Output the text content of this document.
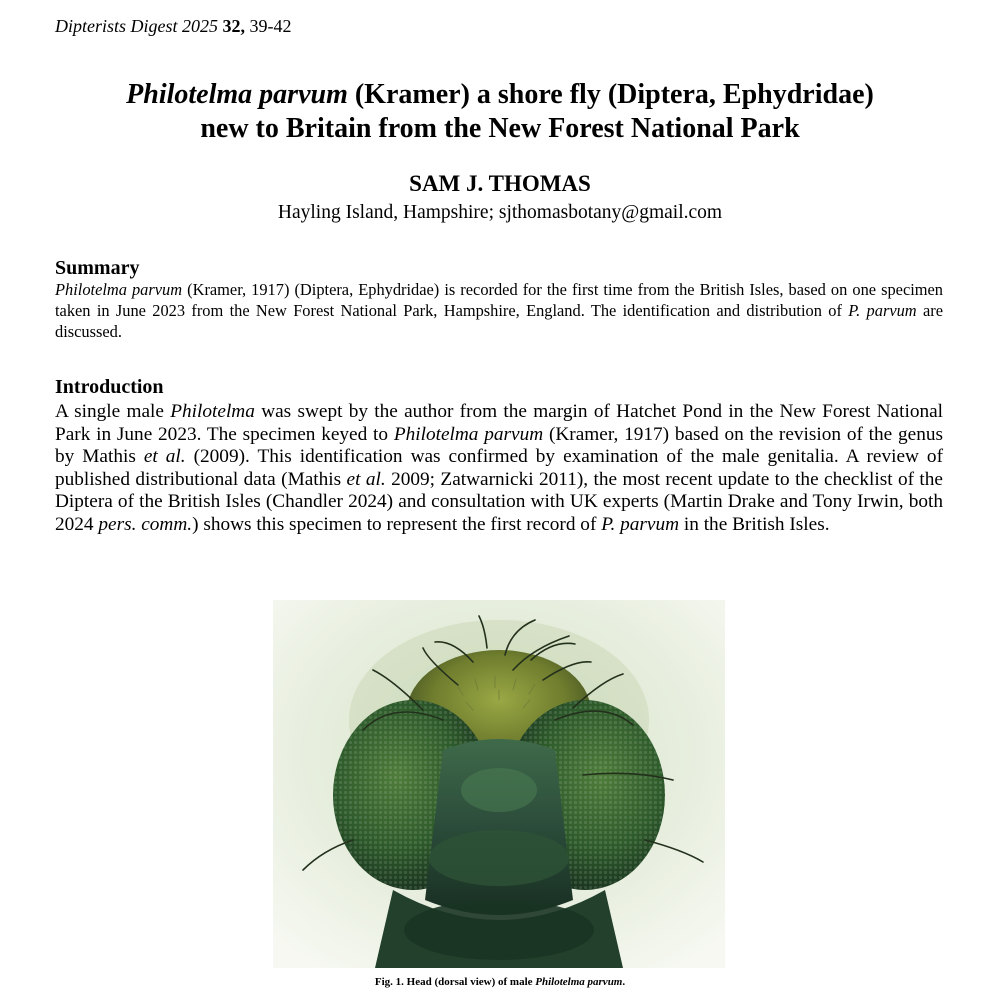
Dipterists Digest 2025 32, 39-42
Philotelma parvum (Kramer) a shore fly (Diptera, Ephydridae)
new to Britain from the New Forest National Park
SAM J. THOMAS
Hayling Island, Hampshire; sjthomasbotany@gmail.com
Summary
Philotelma parvum (Kramer, 1917) (Diptera, Ephydridae) is recorded for the first time from the British Isles, based on one specimen taken in June 2023 from the New Forest National Park, Hampshire, England. The identification and distribution of P. parvum are discussed.
Introduction
A single male Philotelma was swept by the author from the margin of Hatchet Pond in the New Forest National Park in June 2023. The specimen keyed to Philotelma parvum (Kramer, 1917) based on the revision of the genus by Mathis et al. (2009). This identification was confirmed by examination of the male genitalia. A review of published distributional data (Mathis et al. 2009; Zatwarnicki 2011), the most recent update to the checklist of the Diptera of the British Isles (Chandler 2024) and consultation with UK experts (Martin Drake and Tony Irwin, both 2024 pers. comm.) shows this specimen to represent the first record of P. parvum in the British Isles.
Fig. 1. Head (dorsal view) of male Philotelma parvum.
